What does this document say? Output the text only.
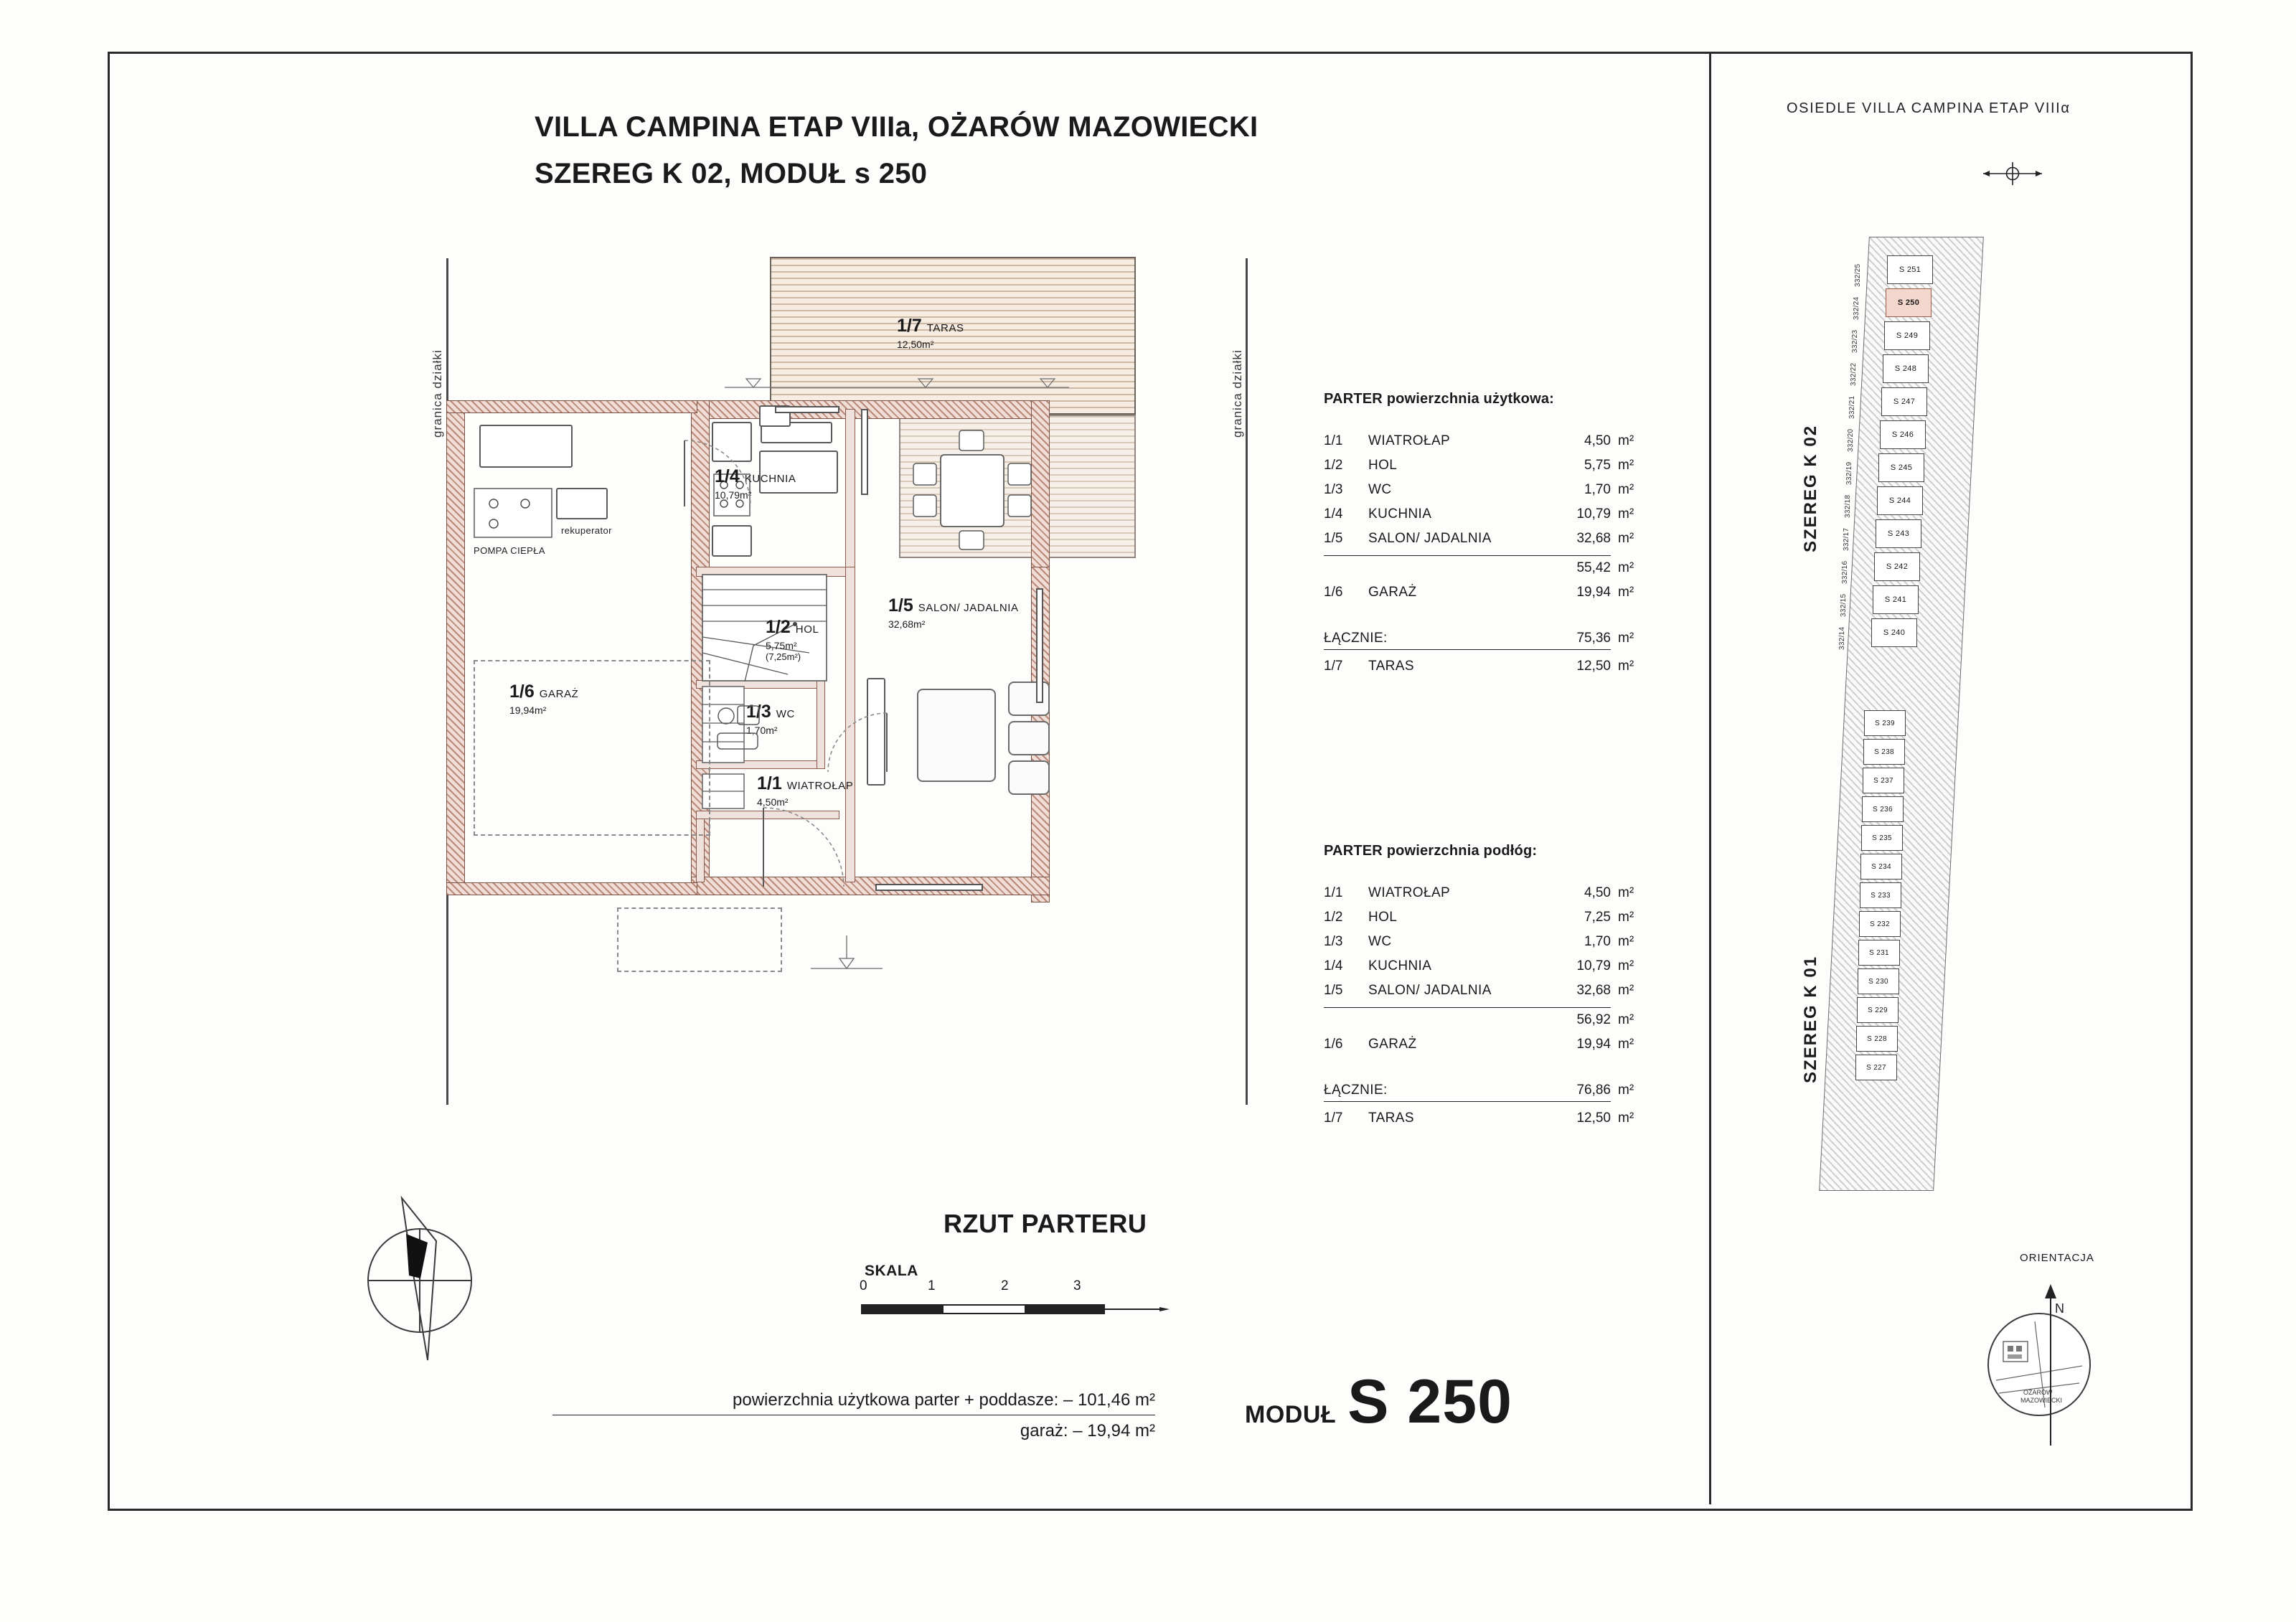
VILLA CAMPINA ETAP VIIIa, OŻARÓW MAZOWIECKI
SZEREG K 02, MODUŁ s 250
OSIEDLE VILLA CAMPINA ETAP VIIIα
granica działki	granica działki
1/7 TARAS
12,50m²
rekuperator
POMPA CIEPŁA
1/6 GARAŻ
19,94m²
1/4 KUCHNIA
10,79m²
1/5 SALON/ JADALNIA
32,68m²
1/2 HOL
5,75m²
(7,25m²)
1/3 WC
1,70m²
1/1 WIATROŁAP
4,50m²
PARTER powierzchnia użytkowa:
1/1	WIATROŁAP	4,50 m²
1/2	HOL	5,75 m²
1/3	WC	1,70 m²
1/4	KUCHNIA	10,79 m²
1/5	SALON/ JADALNIA	32,68 m²
55,42 m²
1/6	GARAŻ	19,94 m²
ŁĄCZNIE:	75,36 m²
1/7	TARAS	12,50 m²
PARTER powierzchnia podłóg:
1/1	WIATROŁAP	4,50 m²
1/2	HOL	7,25 m²
1/3	WC	1,70 m²
1/4	KUCHNIA	10,79 m²
1/5	SALON/ JADALNIA	32,68 m²
56,92 m²
1/6	GARAŻ	19,94 m²
ŁĄCZNIE:	76,86 m²
1/7	TARAS	12,50 m²
RZUT PARTERU
SKALA
0	1	2	3
powierzchnia użytkowa parter + poddasze: – 101,46 m²
garaż: – 19,94 m²
MODUŁ S 250
SZEREG K 02
SZEREG K 01
S 250
S 251
S 249
S 248
S 247
S 246
S 245
S 244
S 243
S 242
S 241
S 240
332/25
332/24
332/23
332/22
332/21
332/20
332/19
332/18
332/17
332/16
332/15
332/14
S 239
S 238
S 237
S 236
S 235
S 234
S 233
S 232
S 231
S 230
S 229
S 228
S 227
ORIENTACJA
OŻARÓW
MAZOWIECKI
N
